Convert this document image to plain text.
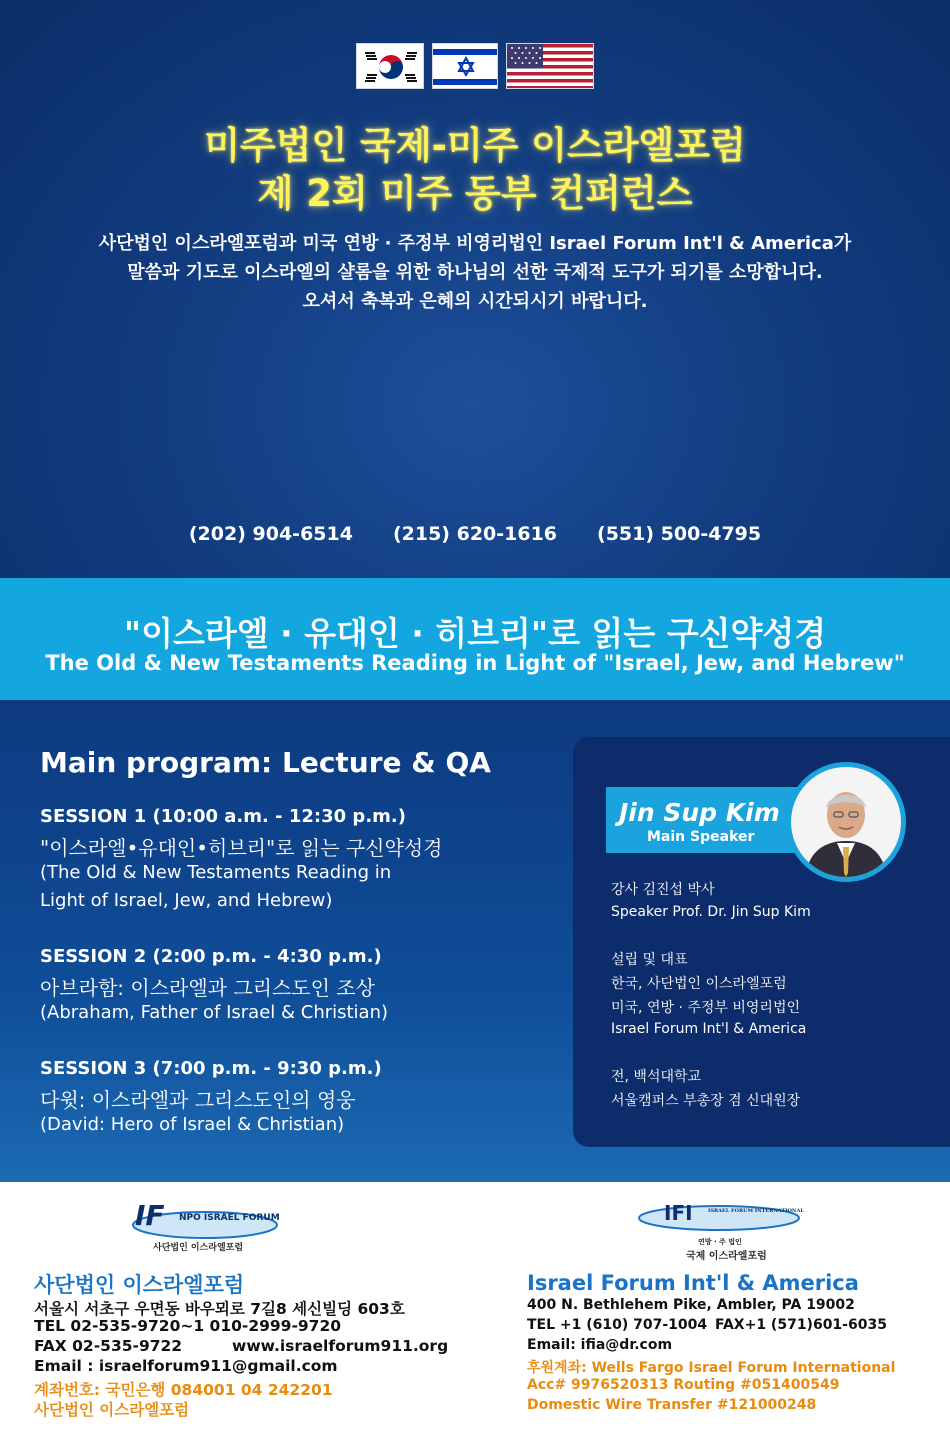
미주법인 국제-미주 이스라엘포럼
제 2회 미주 동부 컨퍼런스
사단법인 이스라엘포럼과 미국 연방 · 주정부 비영리법인 Israel Forum Int'l & America가
말씀과 기도로 이스라엘의 샬롬을 위한 하나님의 선한 국제적 도구가 되기를 소망합니다.
오셔서 축복과 은혜의 시간되시기 바랍니다.
(202) 904-6514 (215) 620-1616 (551) 500-4795
"이스라엘 · 유대인 · 히브리"로 읽는 구신약성경
The Old & New Testaments Reading in Light of "Israel, Jew, and Hebrew"
Main program: Lecture & QA
SESSION 1 (10:00 a.m. - 12:30 p.m.)
"이스라엘•유대인•히브리"로 읽는 구신약성경
(The Old & New Testaments Reading in
Light of Israel, Jew, and Hebrew)
SESSION 2 (2:00 p.m. - 4:30 p.m.)
아브라함: 이스라엘과 그리스도인 조상
(Abraham, Father of Israel & Christian)
SESSION 3 (7:00 p.m. - 9:30 p.m.)
다윗: 이스라엘과 그리스도인의 영웅
(David: Hero of Israel & Christian)
Jin Sup Kim
Main Speaker
강사 김진섭 박사
Speaker Prof. Dr. Jin Sup Kim
설립 및 대표
한국, 사단법인 이스라엘포럼
미국, 연방 · 주정부 비영리법인
Israel Forum Int'l & America
전, 백석대학교
서울캠퍼스 부총장 겸 신대원장
IF NPO ISRAEL FORUM
사단법인 이스라엘포럼
IFI	ISRAEL FORUM INTERNATIONAL
연방 · 주 법인
국제 이스라엘포럼
사단법인 이스라엘포럼
서울시 서초구 우면동 바우뫼로 7길8 세신빌딩 603호
TEL 02-535-9720~1 010-2999-9720
FAX 02-535-9722	www.israelforum911.org
Email : israelforum911@gmail.com
계좌번호: 국민은행 084001 04 242201
사단법인 이스라엘포럼
Israel Forum Int'l & America
400 N. Bethlehem Pike, Ambler, PA 19002
TEL +1 (610) 707-1004 FAX+1 (571)601-6035
Email: ifia@dr.com
후원계좌: Wells Fargo Israel Forum International
Acc# 9976520313 Routing #051400549
Domestic Wire Transfer #121000248
